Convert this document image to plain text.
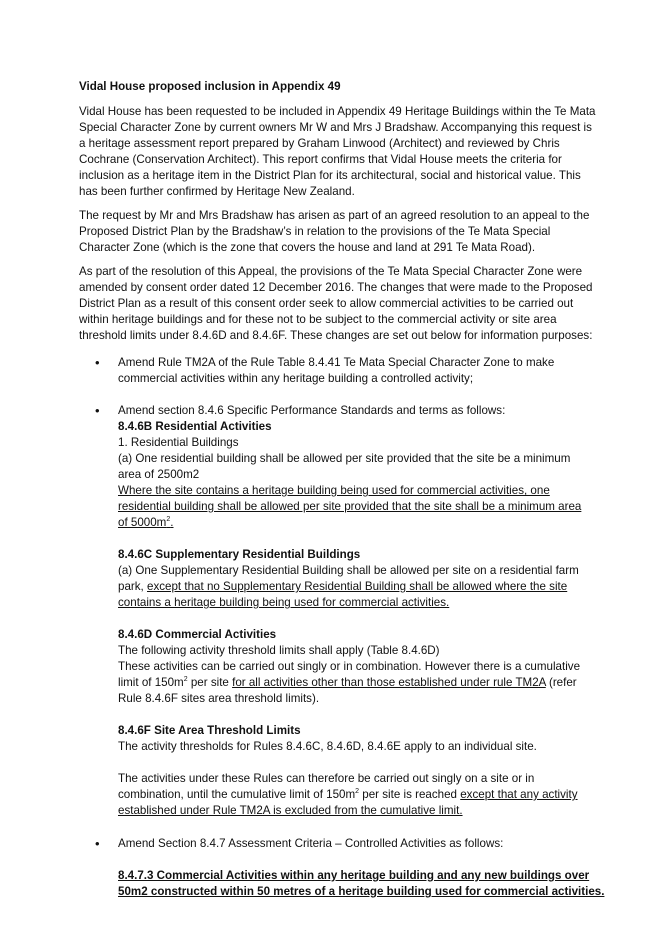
Vidal House proposed inclusion in Appendix 49
Vidal House has been requested to be included in Appendix 49 Heritage Buildings within the Te Mata
Special Character Zone by current owners Mr W and Mrs J Bradshaw. Accompanying this request is
a heritage assessment report prepared by Graham Linwood (Architect) and reviewed by Chris
Cochrane (Conservation Architect). This report confirms that Vidal House meets the criteria for
inclusion as a heritage item in the District Plan for its architectural, social and historical value. This
has been further confirmed by Heritage New Zealand.
The request by Mr and Mrs Bradshaw has arisen as part of an agreed resolution to an appeal to the
Proposed District Plan by the Bradshaw’s in relation to the provisions of the Te Mata Special
Character Zone (which is the zone that covers the house and land at 291 Te Mata Road).
As part of the resolution of this Appeal, the provisions of the Te Mata Special Character Zone were
amended by consent order dated 12 December 2016. The changes that were made to the Proposed
District Plan as a result of this consent order seek to allow commercial activities to be carried out
within heritage buildings and for these not to be subject to the commercial activity or site area
threshold limits under 8.4.6D and 8.4.6F. These changes are set out below for information purposes:
• Amend Rule TM2A of the Rule Table 8.4.41 Te Mata Special Character Zone to make
commercial activities within any heritage building a controlled activity;
• Amend section 8.4.6 Specific Performance Standards and terms as follows:
8.4.6B Residential Activities
1. Residential Buildings
(a) One residential building shall be allowed per site provided that the site be a minimum
area of 2500m2
Where the site contains a heritage building being used for commercial activities, one
residential building shall be allowed per site provided that the site shall be a minimum area
of $5000m^2$.
8.4.6C Supplementary Residential Buildings
(a) One Supplementary Residential Building shall be allowed per site on a residential farm
park, except that no Supplementary Residential Building shall be allowed where the site
contains a heritage building being used for commercial activities.
8.4.6D Commercial Activities
The following activity threshold limits shall apply (Table 8.4.6D)
These activities can be carried out singly or in combination. However there is a cumulative
limit of $150m^2$ per site for all activities other than those established under rule TM2A (refer
Rule 8.4.6F sites area threshold limits).
8.4.6F Site Area Threshold Limits
The activity thresholds for Rules 8.4.6C, 8.4.6D, 8.4.6E apply to an individual site.
The activities under these Rules can therefore be carried out singly on a site or in
combination, until the cumulative limit of $150m^2$ per site is reached except that any activity
established under Rule TM2A is excluded from the cumulative limit.
• Amend Section 8.4.7 Assessment Criteria – Controlled Activities as follows:
8.4.7.3 Commercial Activities within any heritage building and any new buildings over
50m2 constructed within 50 metres of a heritage building used for commercial activities.
